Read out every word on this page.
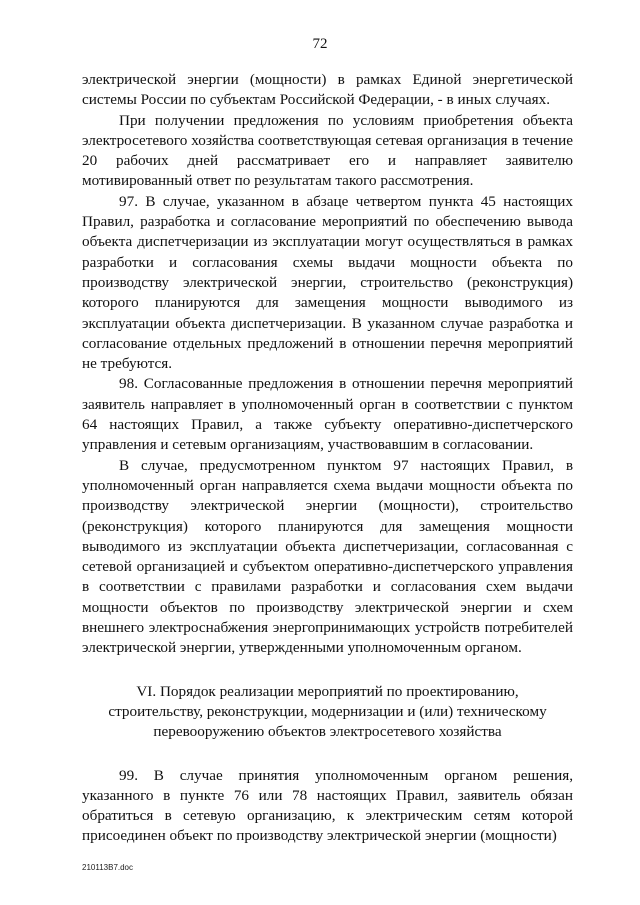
72

электрической энергии (мощности) в рамках Единой энергетической системы России по субъектам Российской Федерации, - в иных случаях.

При получении предложения по условиям приобретения объекта электросетевого хозяйства соответствующая сетевая организация в течение 20 рабочих дней рассматривает его и направляет заявителю мотивированный ответ по результатам такого рассмотрения.

97. В случае, указанном в абзаце четвертом пункта 45 настоящих Правил, разработка и согласование мероприятий по обеспечению вывода объекта диспетчеризации из эксплуатации могут осуществляться в рамках разработки и согласования схемы выдачи мощности объекта по производству электрической энергии, строительство (реконструкция) которого планируются для замещения мощности выводимого из эксплуатации объекта диспетчеризации. В указанном случае разработка и согласование отдельных предложений в отношении перечня мероприятий не требуются.

98. Согласованные предложения в отношении перечня мероприятий заявитель направляет в уполномоченный орган в соответствии с пунктом 64 настоящих Правил, а также субъекту оперативно-диспетчерского управления и сетевым организациям, участвовавшим в согласовании.

В случае, предусмотренном пунктом 97 настоящих Правил, в уполномоченный орган направляется схема выдачи мощности объекта по производству электрической энергии (мощности), строительство (реконструкция) которого планируются для замещения мощности выводимого из эксплуатации объекта диспетчеризации, согласованная с сетевой организацией и субъектом оперативно-диспетчерского управления в соответствии с правилами разработки и согласования схем выдачи мощности объектов по производству электрической энергии и схем внешнего электроснабжения энергопринимающих устройств потребителей электрической энергии, утвержденными уполномоченным органом.

VI. Порядок реализации мероприятий по проектированию, строительству, реконструкции, модернизации и (или) техническому перевооружению объектов электросетевого хозяйства

99. В случае принятия уполномоченным органом решения, указанного в пункте 76 или 78 настоящих Правил, заявитель обязан обратиться в сетевую организацию, к электрическим сетям которой присоединен объект по производству электрической энергии (мощности)

210113В7.doc
